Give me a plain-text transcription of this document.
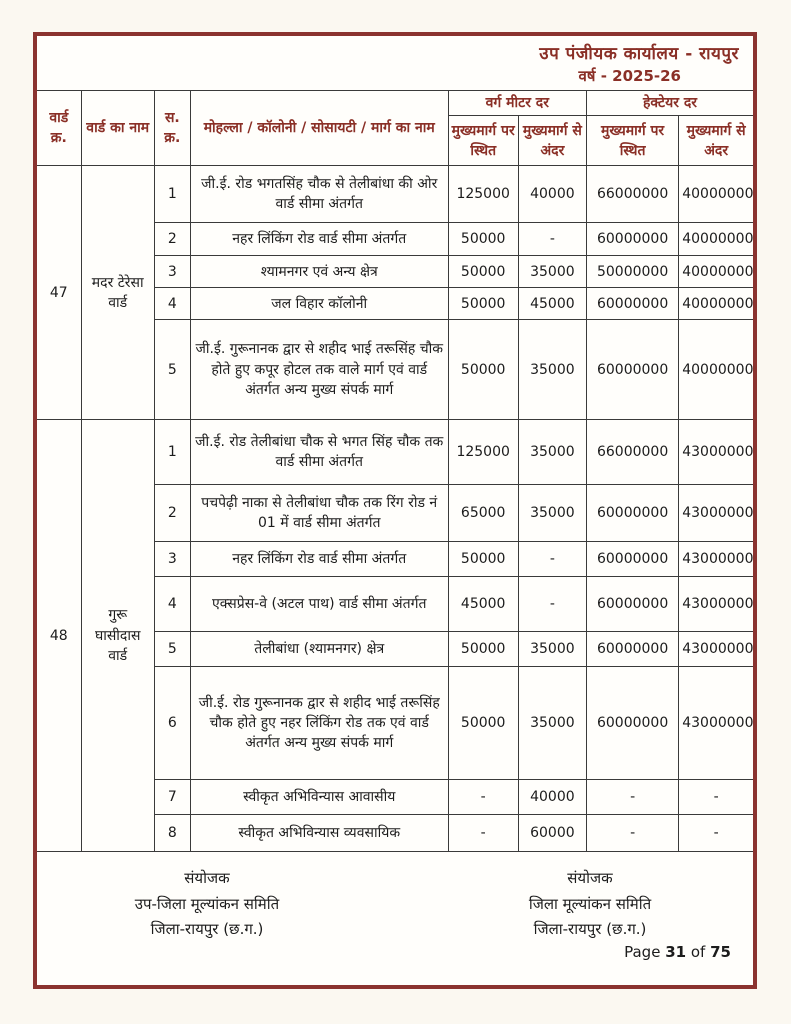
उप पंजीयक कार्यालय - रायपुर
वर्ष - 2025-26
वार्ड क्र.	वार्ड का नाम	स. क्र.	मोहल्ला / कॉलोनी / सोसायटी / मार्ग का नाम	वर्ग मीटर दर		हेक्टेयर दर	
				मुख्यमार्ग पर स्थित	मुख्यमार्ग से अंदर	मुख्यमार्ग पर स्थित	मुख्यमार्ग से अंदर
47	मदर टेरेसा वार्ड	1	जी.ई. रोड भगतसिंह चौक से तेलीबांधा की ओर वार्ड सीमा अंतर्गत	125000	40000	66000000	40000000
		2	नहर लिंकिंग रोड वार्ड सीमा अंतर्गत	50000	-	60000000	40000000
		3	श्यामनगर एवं अन्य क्षेत्र	50000	35000	50000000	40000000
		4	जल विहार कॉलोनी	50000	45000	60000000	40000000
		5	जी.ई. गुरूनानक द्वार से शहीद भाई तरूसिंह चौक होते हुए कपूर होटल तक वाले मार्ग एवं वार्ड अंतर्गत अन्य मुख्य संपर्क मार्ग	50000	35000	60000000	40000000
48	गुरू घासीदास वार्ड	1	जी.ई. रोड तेलीबांधा चौक से भगत सिंह चौक तक वार्ड सीमा अंतर्गत	125000	35000	66000000	43000000
		2	पचपेढ़ी नाका से तेलीबांधा चौक तक रिंग रोड नं 01 में वार्ड सीमा अंतर्गत	65000	35000	60000000	43000000
		3	नहर लिंकिंग रोड वार्ड सीमा अंतर्गत	50000	-	60000000	43000000
		4	एक्सप्रेस-वे (अटल पाथ) वार्ड सीमा अंतर्गत	45000	-	60000000	43000000
		5	तेलीबांधा (श्यामनगर) क्षेत्र	50000	35000	60000000	43000000
		6	जी.ई. रोड गुरूनानक द्वार से शहीद भाई तरूसिंह चौक होते हुए नहर लिंकिंग रोड तक एवं वार्ड अंतर्गत अन्य मुख्य संपर्क मार्ग	50000	35000	60000000	43000000
		7	स्वीकृत अभिविन्यास आवासीय	-	40000	-	-
		8	स्वीकृत अभिविन्यास व्यवसायिक	-	60000	-	-
संयोजक
उप-जिला मूल्यांकन समिति
जिला-रायपुर (छ.ग.)
संयोजक
जिला मूल्यांकन समिति
जिला-रायपुर (छ.ग.)
Page 31 of 75
